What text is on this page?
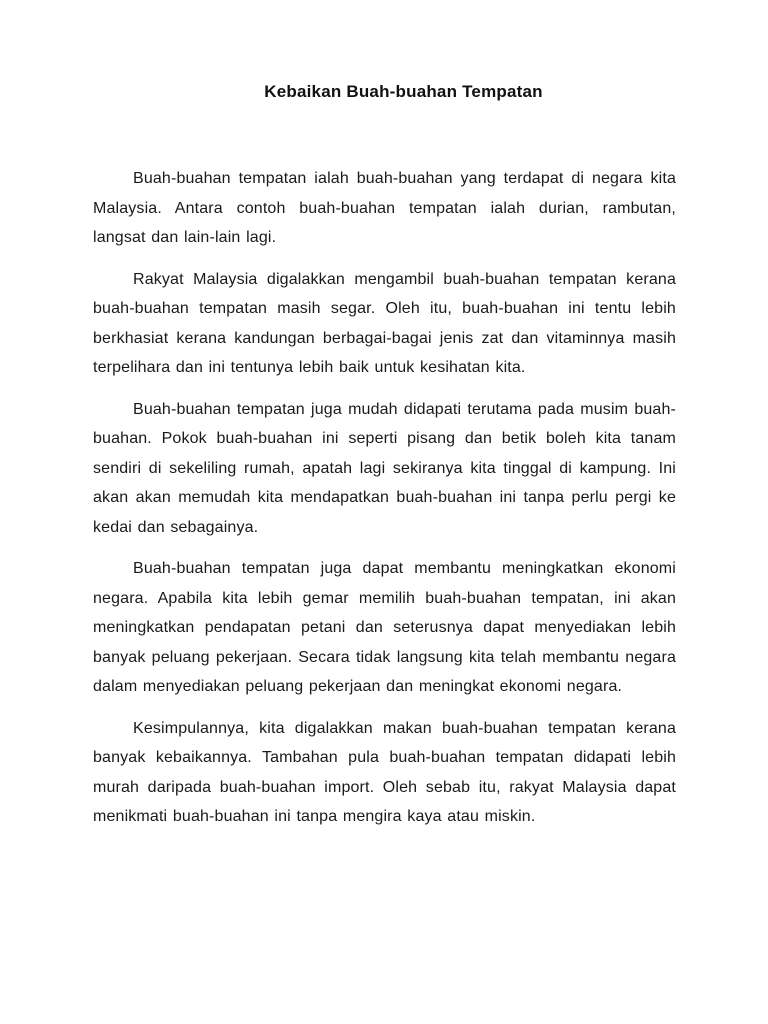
Kebaikan Buah-buahan Tempatan

Buah-buahan tempatan ialah buah-buahan yang terdapat di negara kita Malaysia. Antara contoh buah-buahan tempatan ialah durian, rambutan, langsat dan lain-lain lagi.

Rakyat Malaysia digalakkan mengambil buah-buahan tempatan kerana buah-buahan tempatan masih segar. Oleh itu, buah-buahan ini tentu lebih berkhasiat kerana kandungan berbagai-bagai jenis zat dan vitaminnya masih terpelihara dan ini tentunya lebih baik untuk kesihatan kita.

Buah-buahan tempatan juga mudah didapati terutama pada musim buah-buahan. Pokok buah-buahan ini seperti pisang dan betik boleh kita tanam sendiri di sekeliling rumah, apatah lagi sekiranya kita tinggal di kampung. Ini akan akan memudah kita mendapatkan buah-buahan ini tanpa perlu pergi ke kedai dan sebagainya.

Buah-buahan tempatan juga dapat membantu meningkatkan ekonomi negara. Apabila kita lebih gemar memilih buah-buahan tempatan, ini akan meningkatkan pendapatan petani dan seterusnya dapat menyediakan lebih banyak peluang pekerjaan. Secara tidak langsung kita telah membantu negara dalam menyediakan peluang pekerjaan dan meningkat ekonomi negara.

Kesimpulannya, kita digalakkan makan buah-buahan tempatan kerana banyak kebaikannya. Tambahan pula buah-buahan tempatan didapati lebih murah daripada buah-buahan import. Oleh sebab itu, rakyat Malaysia dapat menikmati buah-buahan ini tanpa mengira kaya atau miskin.
